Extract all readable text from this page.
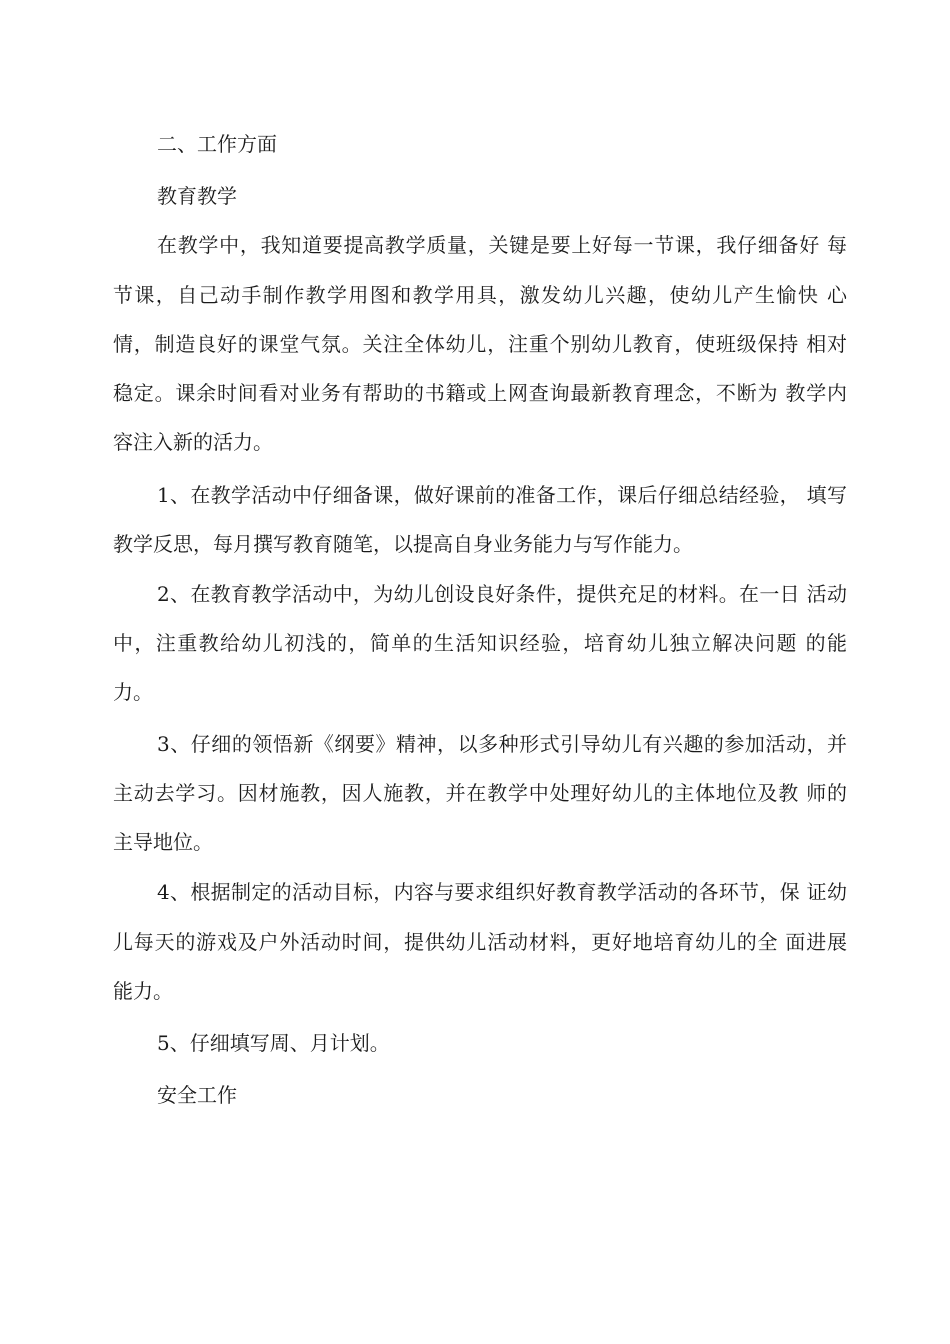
二、工作方面

教育教学

在教学中，我知道要提高教学质量，关键是要上好每一节课，我仔细备好 每

节课，自己动手制作教学用图和教学用具，激发幼儿兴趣，使幼儿产生愉快 心

情，制造良好的课堂气氛。关注全体幼儿，注重个别幼儿教育，使班级保持 相对

稳定。课余时间看对业务有帮助的书籍或上网查询最新教育理念，不断为 教学内

容注入新的活力。

1、在教学活动中仔细备课，做好课前的准备工作，课后仔细总结经验， 填写

教学反思，每月撰写教育随笔，以提高自身业务能力与写作能力。

2、在教育教学活动中，为幼儿创设良好条件，提供充足的材料。在一日 活动

中，注重教给幼儿初浅的，简单的生活知识经验，培育幼儿独立解决问题 的能

力。

3、仔细的领悟新《纲要》精神，以多种形式引导幼儿有兴趣的参加活动，并

主动去学习。因材施教，因人施教，并在教学中处理好幼儿的主体地位及教 师的

主导地位。

4、根据制定的活动目标，内容与要求组织好教育教学活动的各环节，保 证幼

儿每天的游戏及户外活动时间，提供幼儿活动材料，更好地培育幼儿的全 面进展

能力。

5、仔细填写周、月计划。

安全工作
